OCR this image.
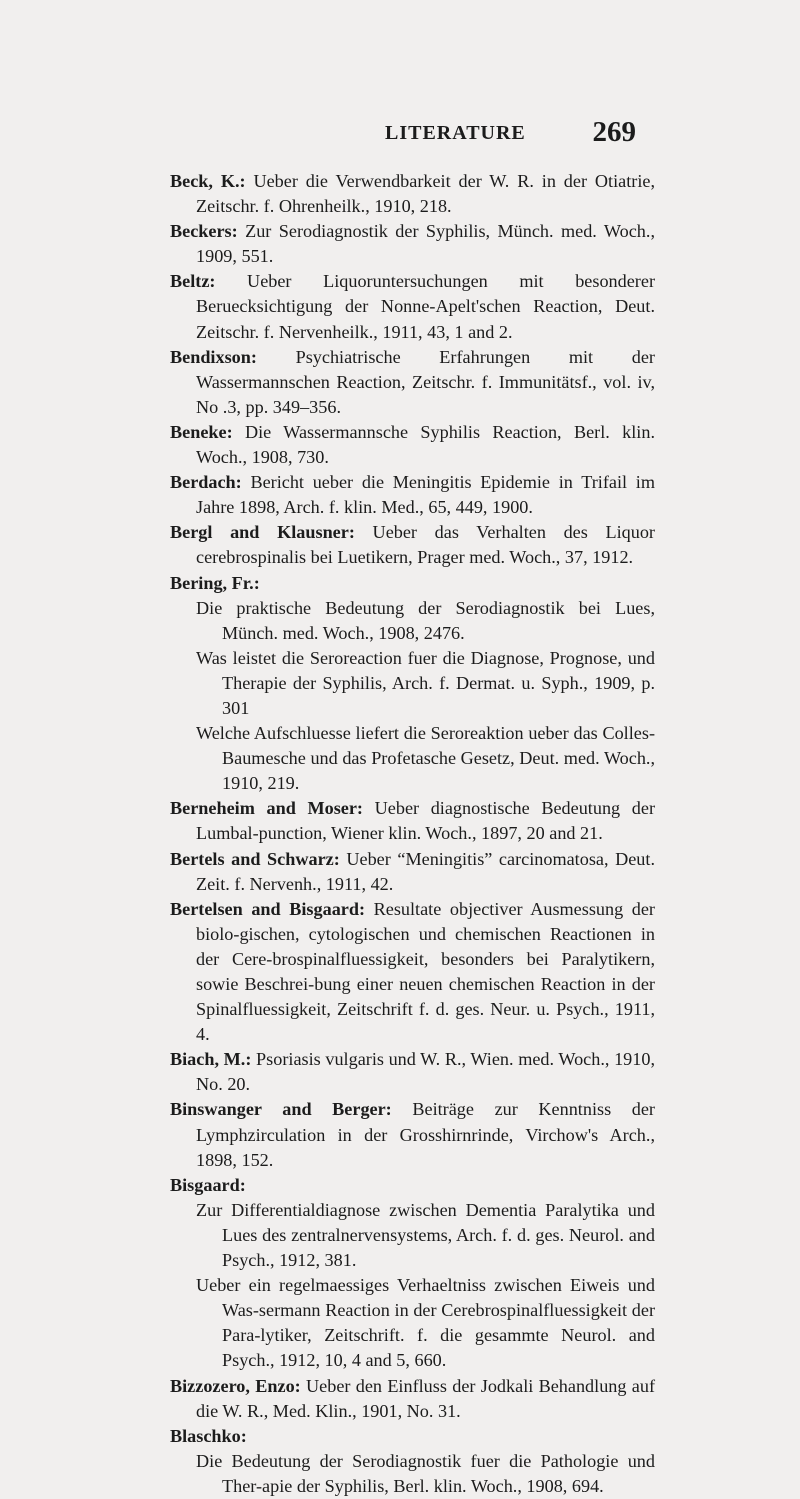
LITERATURE 269
Beck, K.: Ueber die Verwendbarkeit der W. R. in der Otiatrie, Zeitschr. f. Ohrenheilk., 1910, 218.
Beckers: Zur Serodiagnostik der Syphilis, Münch. med. Woch., 1909, 551.
Beltz: Ueber Liquoruntersuchungen mit besonderer Beruecksichtigung der Nonne-Apelt'schen Reaction, Deut. Zeitschr. f. Nervenheilk., 1911, 43, 1 and 2.
Bendixson: Psychiatrische Erfahrungen mit der Wassermannschen Reaction, Zeitschr. f. Immunitätsf., vol. iv, No .3, pp. 349–356.
Beneke: Die Wassermannsche Syphilis Reaction, Berl. klin. Woch., 1908, 730.
Berdach: Bericht ueber die Meningitis Epidemie in Trifail im Jahre 1898, Arch. f. klin. Med., 65, 449, 1900.
Bergl and Klausner: Ueber das Verhalten des Liquor cerebrospinalis bei Luetikern, Prager med. Woch., 37, 1912.
Bering, Fr.:
Die praktische Bedeutung der Serodiagnostik bei Lues, Münch. med. Woch., 1908, 2476.
Was leistet die Seroreaction fuer die Diagnose, Prognose, und Therapie der Syphilis, Arch. f. Dermat. u. Syph., 1909, p. 301
Welche Aufschluesse liefert die Seroreaktion ueber das Colles-Baumesche und das Profetasche Gesetz, Deut. med. Woch., 1910, 219.
Berneheim and Moser: Ueber diagnostische Bedeutung der Lumbal-punction, Wiener klin. Woch., 1897, 20 and 21.
Bertels and Schwarz: Ueber “Meningitis” carcinomatosa, Deut. Zeit. f. Nervenh., 1911, 42.
Bertelsen and Bisgaard: Resultate objectiver Ausmessung der biolo-gischen, cytologischen und chemischen Reactionen in der Cere-brospinalfluessigkeit, besonders bei Paralytikern, sowie Beschrei-bung einer neuen chemischen Reaction in der Spinalfluessigkeit, Zeitschrift f. d. ges. Neur. u. Psych., 1911, 4.
Biach, M.: Psoriasis vulgaris und W. R., Wien. med. Woch., 1910, No. 20.
Binswanger and Berger: Beiträge zur Kenntniss der Lymphzirculation in der Grosshirnrinde, Virchow's Arch., 1898, 152.
Bisgaard:
Zur Differentialdiagnose zwischen Dementia Paralytika und Lues des zentralnervensystems, Arch. f. d. ges. Neurol. and Psych., 1912, 381.
Ueber ein regelmaessiges Verhaeltniss zwischen Eiweis und Was-sermann Reaction in der Cerebrospinalfluessigkeit der Para-lytiker, Zeitschrift. f. die gesammte Neurol. and Psych., 1912, 10, 4 and 5, 660.
Bizzozero, Enzo: Ueber den Einfluss der Jodkali Behandlung auf die W. R., Med. Klin., 1901, No. 31.
Blaschko:
Die Bedeutung der Serodiagnostik fuer die Pathologie und Ther-apie der Syphilis, Berl. klin. Woch., 1908, 694.
